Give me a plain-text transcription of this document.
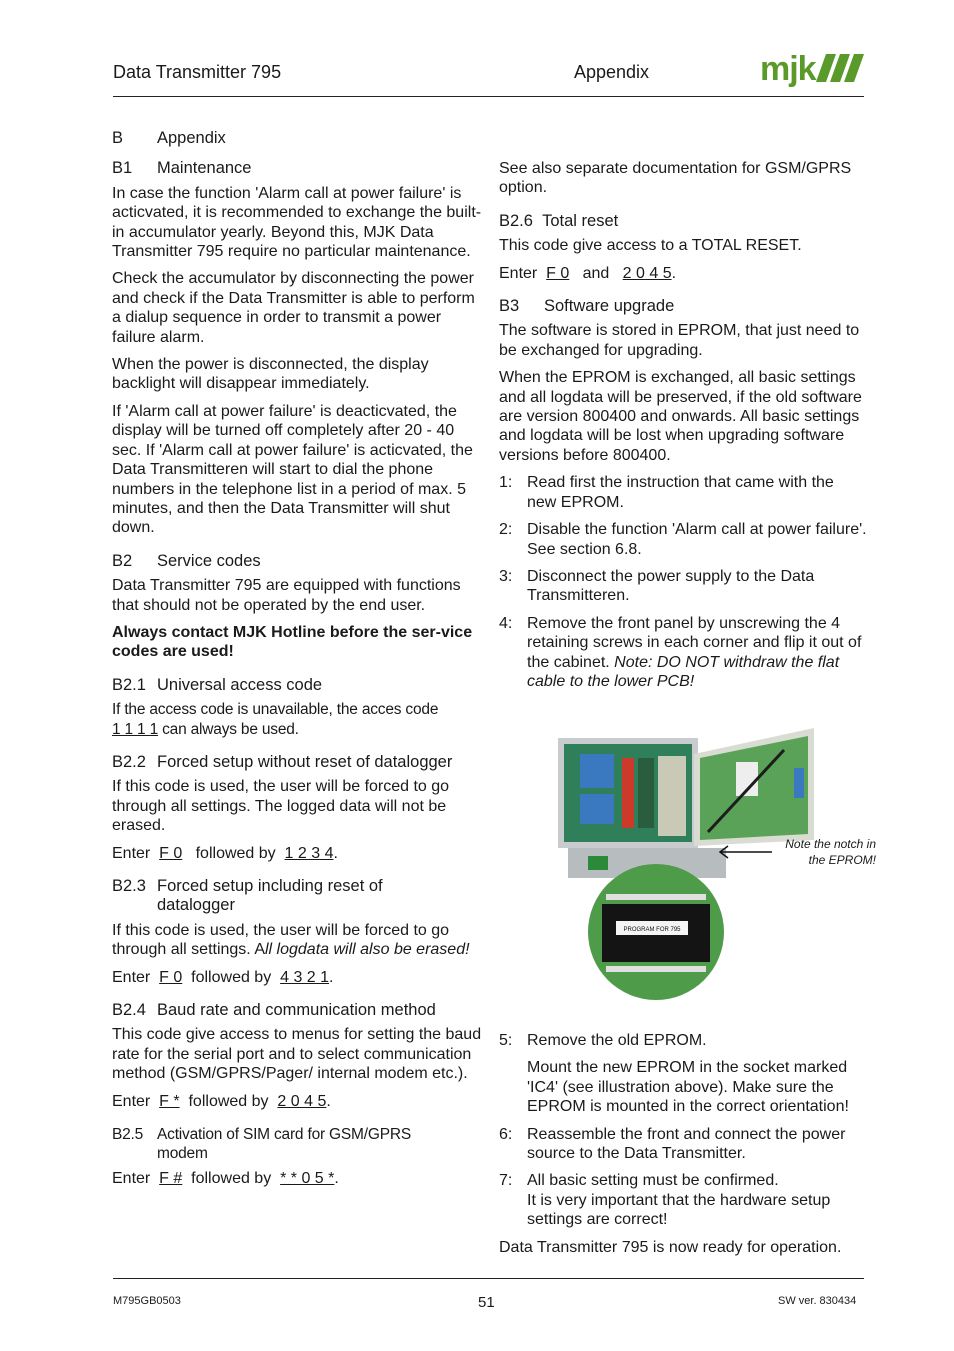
Data Transmitter 795	Appendix	mjk
B Appendix
B1 Maintenance

In case the function 'Alarm call at power failure' is acticvated, it is recommended to exchange the built-in accumulator yearly. Beyond this, MJK Data Transmitter 795 require no particular maintenance.

Check the accumulator by disconnecting the power and check if the Data Transmitter is able to perform a dialup sequence in order to transmit a power failure alarm.

When the power is disconnected, the display backlight will disappear immediately.

If 'Alarm call at power failure' is deacticvated, the display will be turned off completely after 20 - 40 sec. If 'Alarm call at power failure' is acticvated, the Data Transmitteren will start to dial the phone numbers in the telephone list in a period of max. 5 minutes, and then the Data Transmitter will shut down.

B2 Service codes

Data Transmitter 795 are equipped with functions that should not be operated by the end user.

Always contact MJK Hotline before the ser-vice codes are used!

B2.1 Universal access code

If the access code is unavailable, the acces code
1 1 1 1 can always be used.

B2.2 Forced setup without reset of datalogger

If this code is used, the user will be forced to go through all settings. The logged data will not be erased.

Enter F 0 followed by 1 2 3 4.

B2.3 Forced setup including reset of
datalogger

If this code is used, the user will be forced to go through all settings. All logdata will also be erased!

Enter F 0 followed by 4 3 2 1.

B2.4 Baud rate and communication method

This code give access to menus for setting the baud rate for the serial port and to select communication method (GSM/GPRS/Pager/ internal modem etc.).

Enter F * followed by 2 0 4 5.

B2.5 Activation of SIM card for GSM/GPRS
modem

Enter F # followed by * * 0 5 *.

See also separate documentation for GSM/GPRS option.

B2.6 Total reset

This code give access to a TOTAL RESET.

Enter F 0 and 2 0 4 5.

B3 Software upgrade

The software is stored in EPROM, that just need to be exchanged for upgrading.

When the EPROM is exchanged, all basic settings and all logdata will be preserved, if the old software are version 800400 and onwards. All basic settings and logdata will be lost when upgrading software versions before 800400.

1: Read first the instruction that came with the new EPROM.
2: Disable the function 'Alarm call at power failure'. See section 6.8.
3: Disconnect the power supply to the Data Transmitteren.
4: Remove the front panel by unscrewing the 4 retaining screws in each corner and flip it out of the cabinet. Note: DO NOT withdraw the flat cable to the lower PCB!
PROGRAM FOR 795
Note the notch in the EPROM!
5: Remove the old EPROM.

Mount the new EPROM in the socket marked 'IC4' (see illustration above). Make sure the EPROM is mounted in the correct orientation!

6: Reassemble the front and connect the power source to the Data Transmitter.
7: All basic setting must be confirmed.
It is very important that the hardware setup settings are correct!

Data Transmitter 795 is now ready for operation.

M795GB0503	51	SW ver. 830434
